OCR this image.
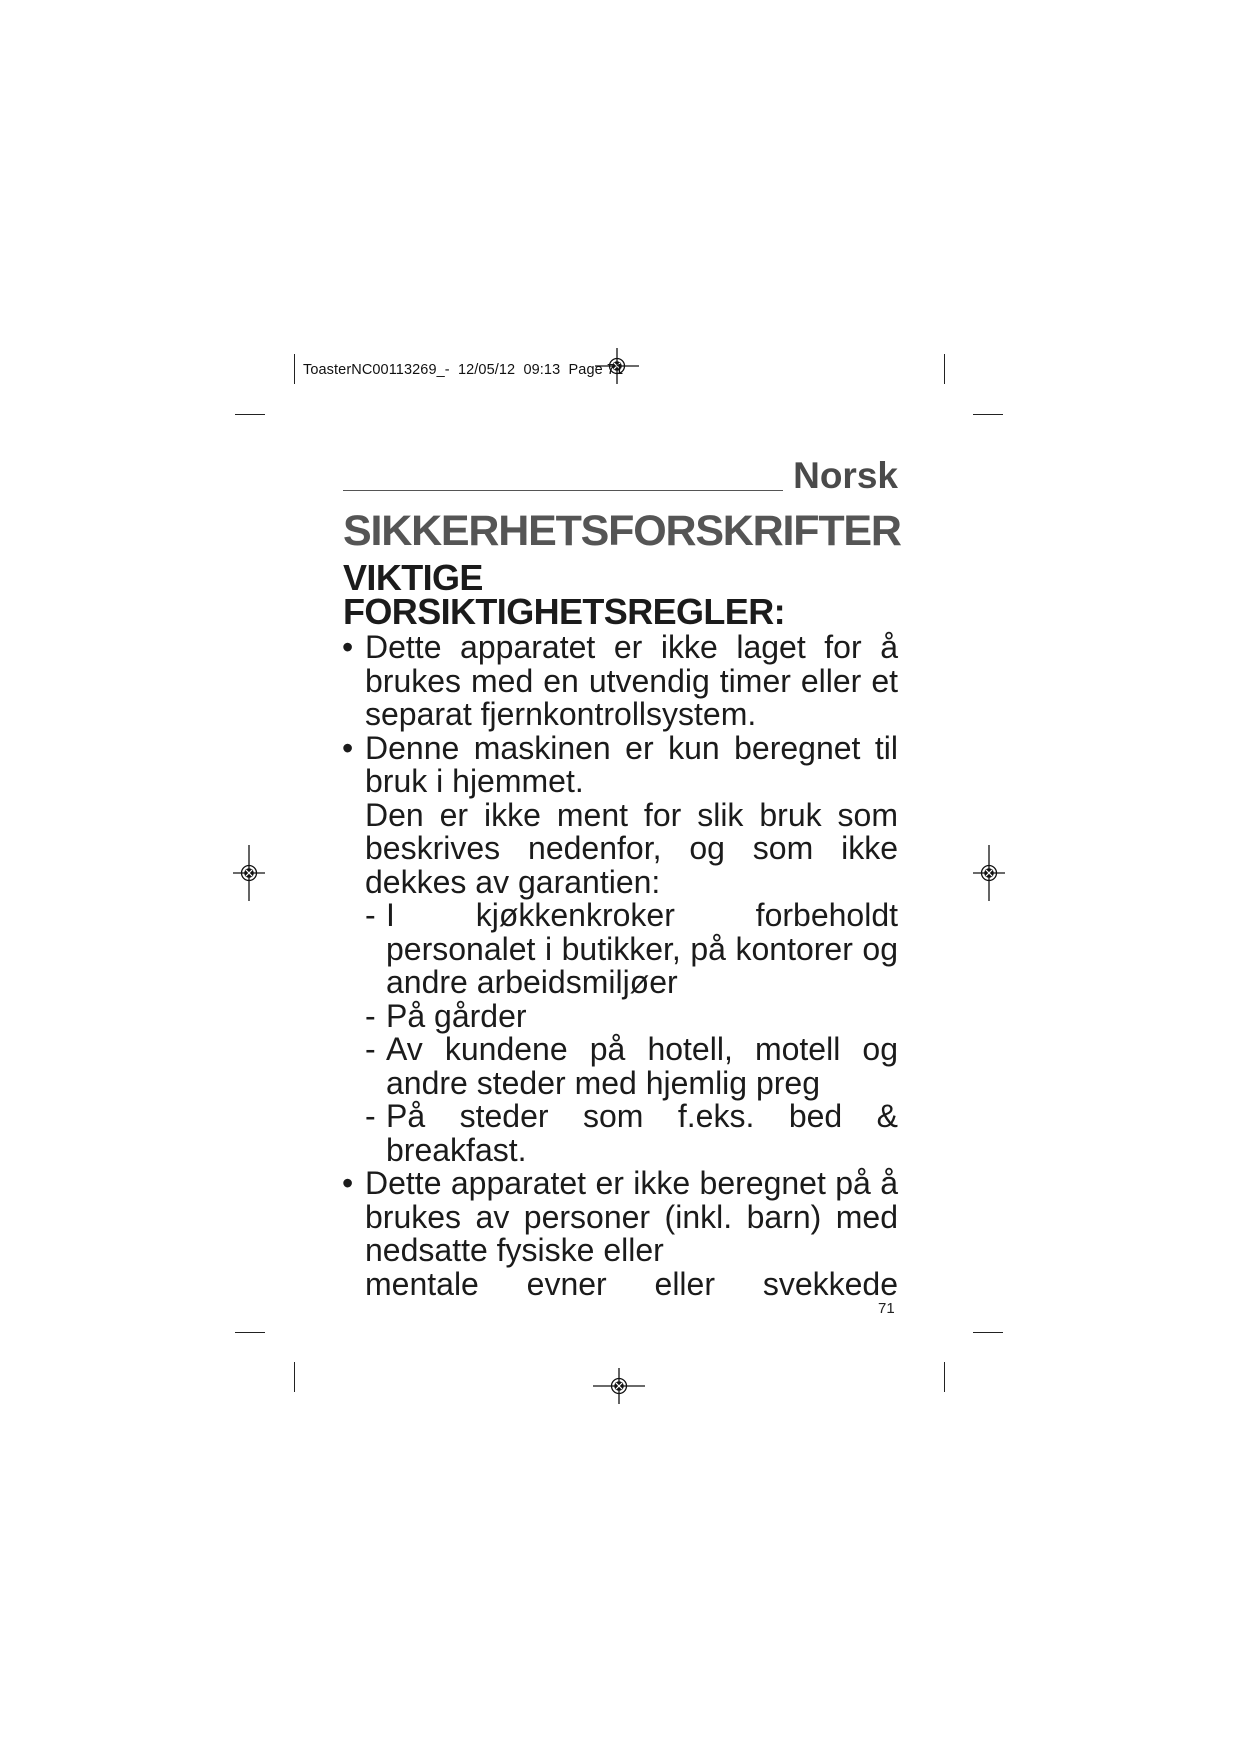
ToasterNC00113269_-  12/05/12  09:13  Page 71
Norsk
SIKKERHETSFORSKRIFTER
VIKTIGE
FORSIKTIGHETSREGLER:
• Dette apparatet er ikke laget for å brukes med en utvendig timer eller et separat fjernkontrollsystem.
• Denne maskinen er kun beregnet til bruk i hjemmet.
Den er ikke ment for slik bruk som beskrives nedenfor, og som ikke dekkes av garantien:
- I kjøkkenkroker forbeholdt personalet i butikker, på kontorer og andre arbeidsmiljøer
- På gårder
- Av kundene på hotell, motell og andre steder med hjemlig preg
- På steder som f.eks. bed & breakfast.
• Dette apparatet er ikke beregnet på å brukes av personer (inkl. barn) med nedsatte fysiske eller
mentale evner eller svekkede
71
